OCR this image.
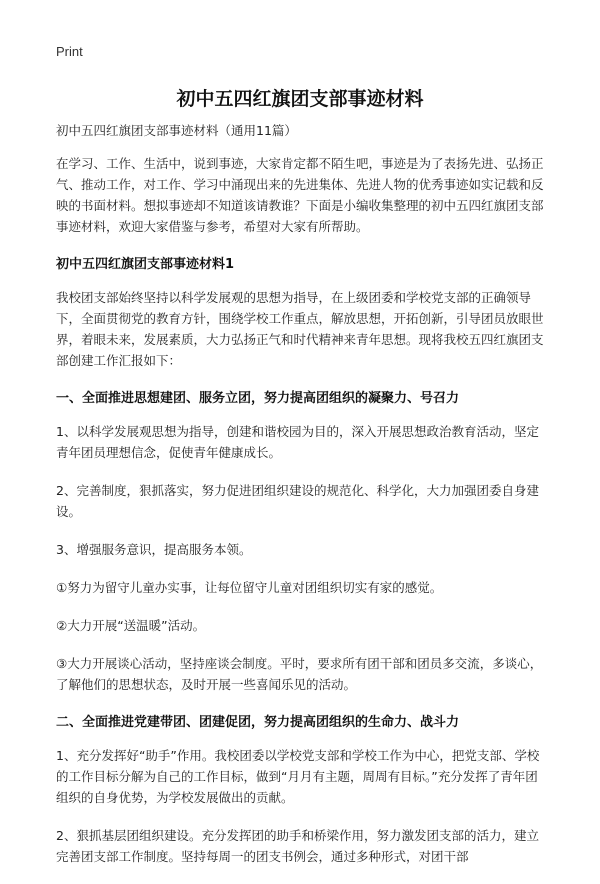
Print
初中五四红旗团支部事迹材料

初中五四红旗团支部事迹材料（通用11篇）

在学习、工作、生活中，说到事迹，大家肯定都不陌生吧，事迹是为了表扬先进、弘扬正气、推动工作，对工作、学习中涌现出来的先进集体、先进人物的优秀事迹如实记载和反映的书面材料。想拟事迹却不知道该请教谁？下面是小编收集整理的初中五四红旗团支部事迹材料，欢迎大家借鉴与参考，希望对大家有所帮助。

初中五四红旗团支部事迹材料1

我校团支部始终坚持以科学发展观的思想为指导，在上级团委和学校党支部的正确领导下，全面贯彻党的教育方针，围绕学校工作重点，解放思想，开拓创新，引导团员放眼世界，着眼未来，发展素质，大力弘扬正气和时代精神来青年思想。现将我校五四红旗团支部创建工作汇报如下：

一、全面推进思想建团、服务立团，努力提高团组织的凝聚力、号召力

1、以科学发展观思想为指导，创建和谐校园为目的，深入开展思想政治教育活动，坚定青年团员理想信念，促使青年健康成长。

2、完善制度，狠抓落实，努力促进团组织建设的规范化、科学化，大力加强团委自身建设。

3、增强服务意识，提高服务本领。

①努力为留守儿童办实事，让每位留守儿童对团组织切实有家的感觉。

②大力开展“送温暖”活动。

③大力开展谈心活动，坚持座谈会制度。平时，要求所有团干部和团员多交流，多谈心，了解他们的思想状态，及时开展一些喜闻乐见的活动。

二、全面推进党建带团、团建促团，努力提高团组织的生命力、战斗力

1、充分发挥好“助手”作用。我校团委以学校党支部和学校工作为中心，把党支部、学校的工作目标分解为自己的工作目标，做到“月月有主题，周周有目标。”充分发挥了青年团组织的自身优势，为学校发展做出的贡献。

2、狠抓基层团组织建设。充分发挥团的助手和桥梁作用，努力激发团支部的活力，建立完善团支部工作制度。坚持每周一的团支书例会，通过多种形式，对团干部
